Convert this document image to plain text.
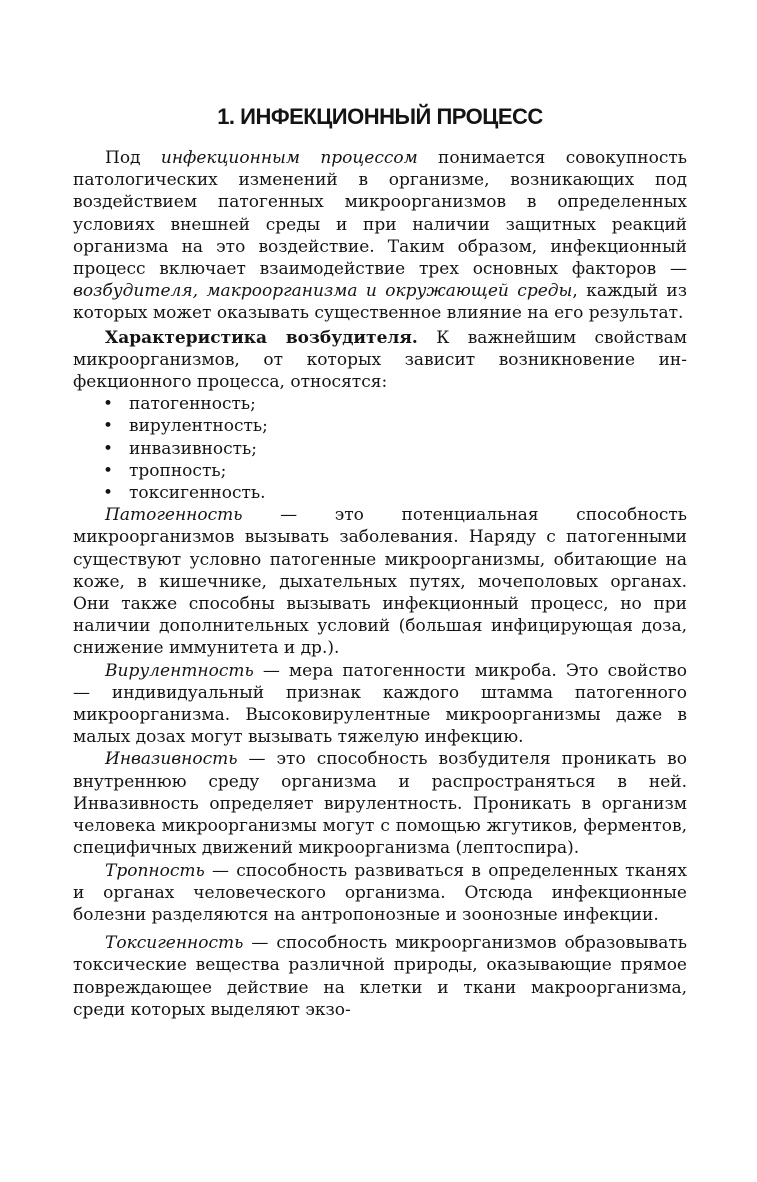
1. ИНФЕКЦИОННЫЙ ПРОЦЕСС

Под инфекционным процессом понимается совокупность патологических изменений в организме, возникающих под воздействием патогенных микроорганизмов в определенных условиях внешней среды и при наличии защитных реакций организма на это воздействие. Таким образом, инфекционный процесс включает взаимодействие трех основных факторов — возбудителя, макроорганизма и окружающей среды, каждый из которых может оказывать существенное влияние на его результат.

Характеристика возбудителя. К важнейшим свойствам микроорганизмов, от которых зависит возникновение инфекционного процесса, относятся:

• патогенность;
• вирулентность;
• инвазивность;
• тропность;
• токсигенность.

Патогенность — это потенциальная способность микроорганизмов вызывать заболевания. Наряду с патогенными существуют условно патогенные микроорганизмы, обитающие на коже, в кишечнике, дыхательных путях, мочеполовых органах. Они также способны вызывать инфекционный процесс, но при наличии дополнительных условий (большая инфицирующая доза, снижение иммунитета и др.).

Вирулентность — мера патогенности микроба. Это свойство — индивидуальный признак каждого штамма патогенного микроорганизма. Высоковирулентные микроорганизмы даже в малых дозах могут вызывать тяжелую инфекцию.

Инвазивность — это способность возбудителя проникать во внутреннюю среду организма и распространяться в ней. Инвазивность определяет вирулентность. Проникать в организм человека микроорганизмы могут с помощью жгутиков, ферментов, специфичных движений микроорганизма (лептоспира).

Тропность — способность развиваться в определенных тканях и органах человеческого организма. Отсюда инфекционные болезни разделяются на антропонозные и зоонозные инфекции.

Токсигенность — способность микроорганизмов образовывать токсические вещества различной природы, оказывающие прямое повреждающее действие на клетки и ткани макроорганизма, среди которых выделяют экзо-
